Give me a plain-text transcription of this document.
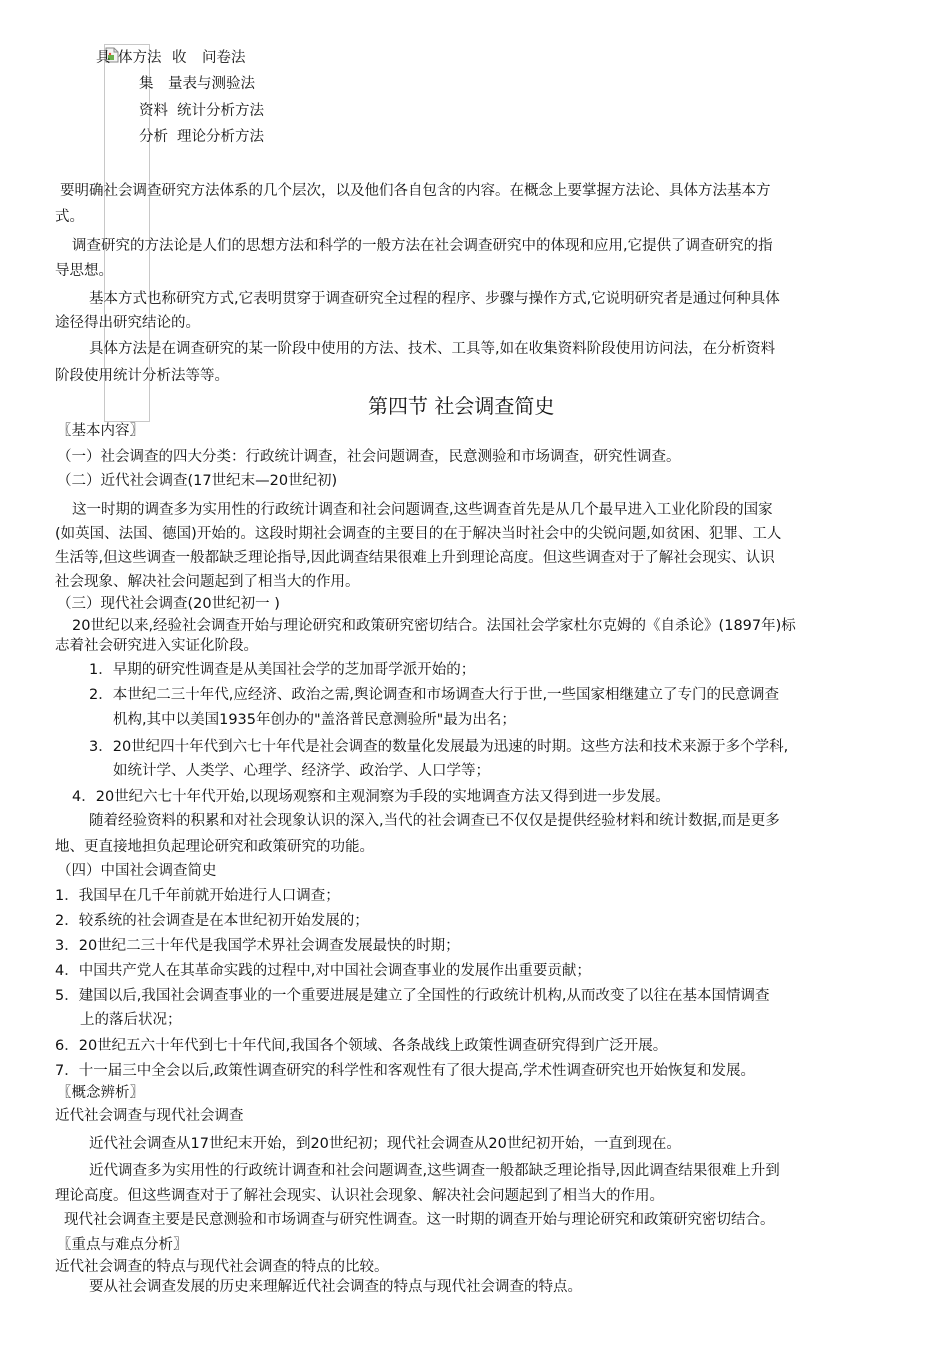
具 体方法 收 问卷法
集 量表与测验法
资料 统计分析方法
分析 理论分析方法
要明确社会调查研究方法体系的几个层次，以及他们各自包含的内容。在概念上要掌握方法论、具体方法基本方
式。
调查研究的方法论是人们的思想方法和科学的一般方法在社会调查研究中的体现和应用,它提供了调查研究的指
导思想。
基本方式也称研究方式,它表明贯穿于调查研究全过程的程序、步骤与操作方式,它说明研究者是通过何种具体
途径得出研究结论的。
具体方法是在调查研究的某一阶段中使用的方法、技术、工具等,如在收集资料阶段使用访问法，在分析资料
阶段使用统计分析法等等。
第四节 社会调查简史
〖基本内容〗
（一）社会调查的四大分类：行政统计调查，社会问题调查，民意测验和市场调查，研究性调查。
（二）近代社会调查(17世纪末—20世纪初)
这一时期的调查多为实用性的行政统计调查和社会问题调查,这些调查首先是从几个最早进入工业化阶段的国家
(如英国、法国、德国)开始的。这段时期社会调查的主要目的在于解决当时社会中的尖锐问题,如贫困、犯罪、工人
生活等,但这些调查一般都缺乏理论指导,因此调查结果很难上升到理论高度。但这些调查对于了解社会现实、认识
社会现象、解决社会问题起到了相当大的作用。
（三）现代社会调查(20世纪初一 )
20世纪以来,经验社会调查开始与理论研究和政策研究密切结合。法国社会学家杜尔克姆的《自杀论》(1897年)标
志着社会研究进入实证化阶段。
1．早期的研究性调查是从美国社会学的芝加哥学派开始的；
2．本世纪二三十年代,应经济、政治之需,舆论调查和市场调查大行于世,一些国家相继建立了专门的民意调查
机构,其中以美国1935年创办的"盖洛普民意测验所"最为出名；
3．20世纪四十年代到六七十年代是社会调查的数量化发展最为迅速的时期。这些方法和技术来源于多个学科,
如统计学、人类学、心理学、经济学、政治学、人口学等；
4．20世纪六七十年代开始,以现场观察和主观洞察为手段的实地调查方法又得到进一步发展。
随着经验资料的积累和对社会现象认识的深入,当代的社会调查已不仅仅是提供经验材料和统计数据,而是更多
地、更直接地担负起理论研究和政策研究的功能。
（四）中国社会调查简史
1．我国早在几千年前就开始进行人口调查；
2．较系统的社会调查是在本世纪初开始发展的；
3．20世纪二三十年代是我国学术界社会调查发展最快的时期；
4．中国共产党人在其革命实践的过程中,对中国社会调查事业的发展作出重要贡献；
5．建国以后,我国社会调查事业的一个重要进展是建立了全国性的行政统计机构,从而改变了以往在基本国情调查
上的落后状况；
6．20世纪五六十年代到七十年代间,我国各个领域、各条战线上政策性调查研究得到广泛开展。
7．十一届三中全会以后,政策性调查研究的科学性和客观性有了很大提高,学术性调查研究也开始恢复和发展。
〖概念辨析〗
近代社会调查与现代社会调查
近代社会调查从17世纪末开始，到20世纪初；现代社会调查从20世纪初开始，一直到现在。
近代调查多为实用性的行政统计调查和社会问题调查,这些调查一般都缺乏理论指导,因此调查结果很难上升到
理论高度。但这些调查对于了解社会现实、认识社会现象、解决社会问题起到了相当大的作用。
现代社会调查主要是民意测验和市场调查与研究性调查。这一时期的调查开始与理论研究和政策研究密切结合。
〖重点与难点分析〗
近代社会调查的特点与现代社会调查的特点的比较。
要从社会调查发展的历史来理解近代社会调查的特点与现代社会调查的特点。
